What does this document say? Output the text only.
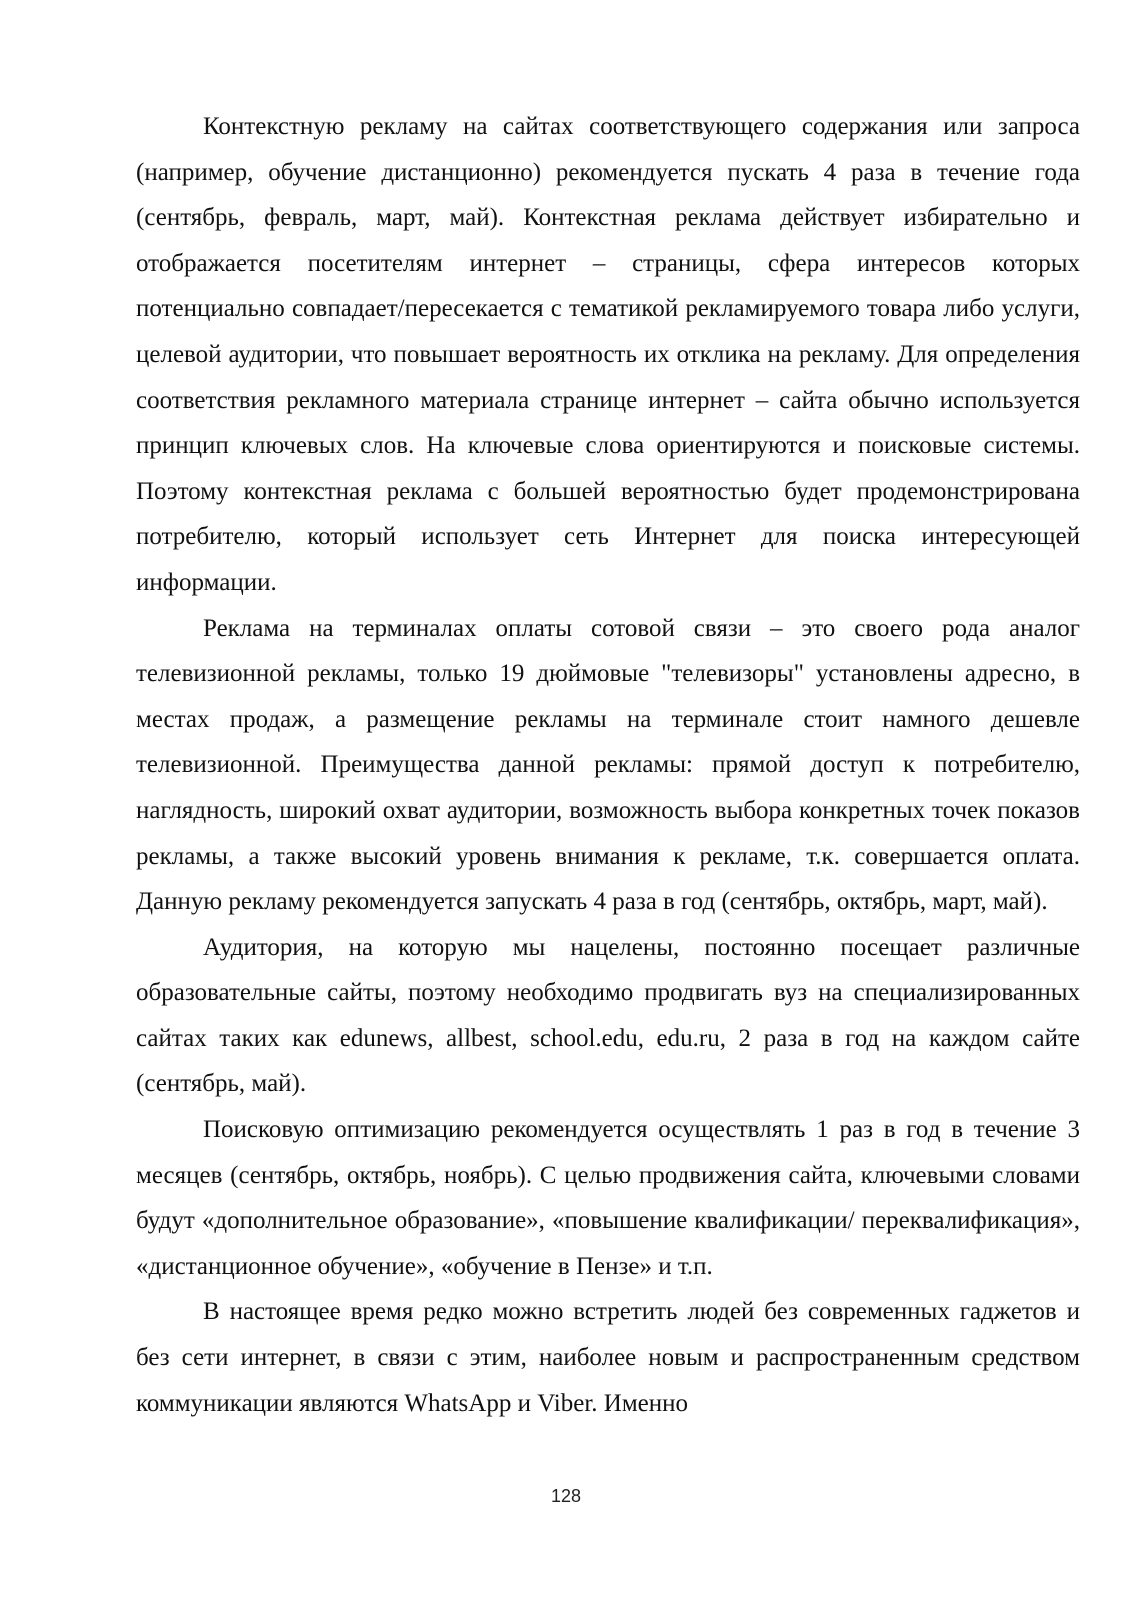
Контекстную рекламу на сайтах соответствующего содержания или запроса (например, обучение дистанционно) рекомендуется пускать 4 раза в течение года (сентябрь, февраль, март, май). Контекстная реклама действует избирательно и отображается посетителям интернет – страницы, сфера интересов которых потенциально совпадает/пересекается с тематикой рекламируемого товара либо услуги, целевой аудитории, что повышает вероятность их отклика на рекламу. Для определения соответствия рекламного материала странице интернет – сайта обычно используется принцип ключевых слов. На ключевые слова ориентируются и поисковые системы. Поэтому контекстная реклама с большей вероятностью будет продемонстрирована потребителю, который использует сеть Интернет для поиска интересующей информации.

Реклама на терминалах оплаты сотовой связи – это своего рода аналог телевизионной рекламы, только 19 дюймовые "телевизоры" установлены адресно, в местах продаж, а размещение рекламы на терминале стоит намного дешевле телевизионной. Преимущества данной рекламы: прямой доступ к потребителю, наглядность, широкий охват аудитории, возможность выбора конкретных точек показов рекламы, а также высокий уровень внимания к рекламе, т.к. совершается оплата. Данную рекламу рекомендуется запускать 4 раза в год (сентябрь, октябрь, март, май).

Аудитория, на которую мы нацелены, постоянно посещает различные образовательные сайты, поэтому необходимо продвигать вуз на специализированных сайтах таких как edunews, allbest, school.edu, edu.ru, 2 раза в год на каждом сайте (сентябрь, май).

Поисковую оптимизацию рекомендуется осуществлять 1 раз в год в течение 3 месяцев (сентябрь, октябрь, ноябрь). С целью продвижения сайта, ключевыми словами будут «дополнительное образование», «повышение квалификации/ переквалификация», «дистанционное обучение», «обучение в Пензе» и т.п.

В настоящее время редко можно встретить людей без современных гаджетов и без сети интернет, в связи с этим, наиболее новым и распространенным средством коммуникации являются WhatsApp и Viber. Именно

128
